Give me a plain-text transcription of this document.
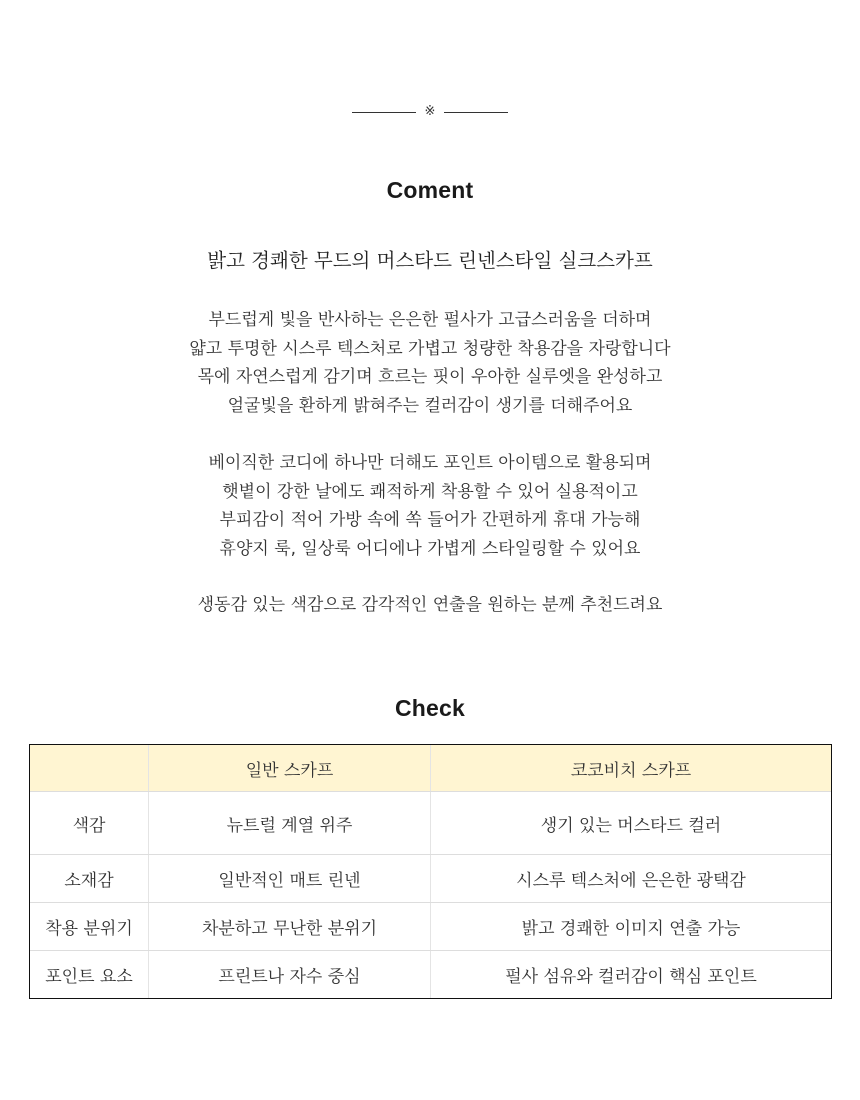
※
Coment
밝고 경쾌한 무드의 머스타드 린넨스타일 실크스카프
부드럽게 빛을 반사하는 은은한 펄사가 고급스러움을 더하며
얇고 투명한 시스루 텍스처로 가볍고 청량한 착용감을 자랑합니다
목에 자연스럽게 감기며 흐르는 핏이 우아한 실루엣을 완성하고
얼굴빛을 환하게 밝혀주는 컬러감이 생기를 더해주어요
베이직한 코디에 하나만 더해도 포인트 아이템으로 활용되며
햇볕이 강한 날에도 쾌적하게 착용할 수 있어 실용적이고
부피감이 적어 가방 속에 쏙 들어가 간편하게 휴대 가능해
휴양지 룩, 일상룩 어디에나 가볍게 스타일링할 수 있어요
생동감 있는 색감으로 감각적인 연출을 원하는 분께 추천드려요
Check
	일반 스카프	코코비치 스카프
색감	뉴트럴 계열 위주	생기 있는 머스타드 컬러
소재감	일반적인 매트 린넨	시스루 텍스처에 은은한 광택감
착용 분위기	차분하고 무난한 분위기	밝고 경쾌한 이미지 연출 가능
포인트 요소	프린트나 자수 중심	펄사 섬유와 컬러감이 핵심 포인트
